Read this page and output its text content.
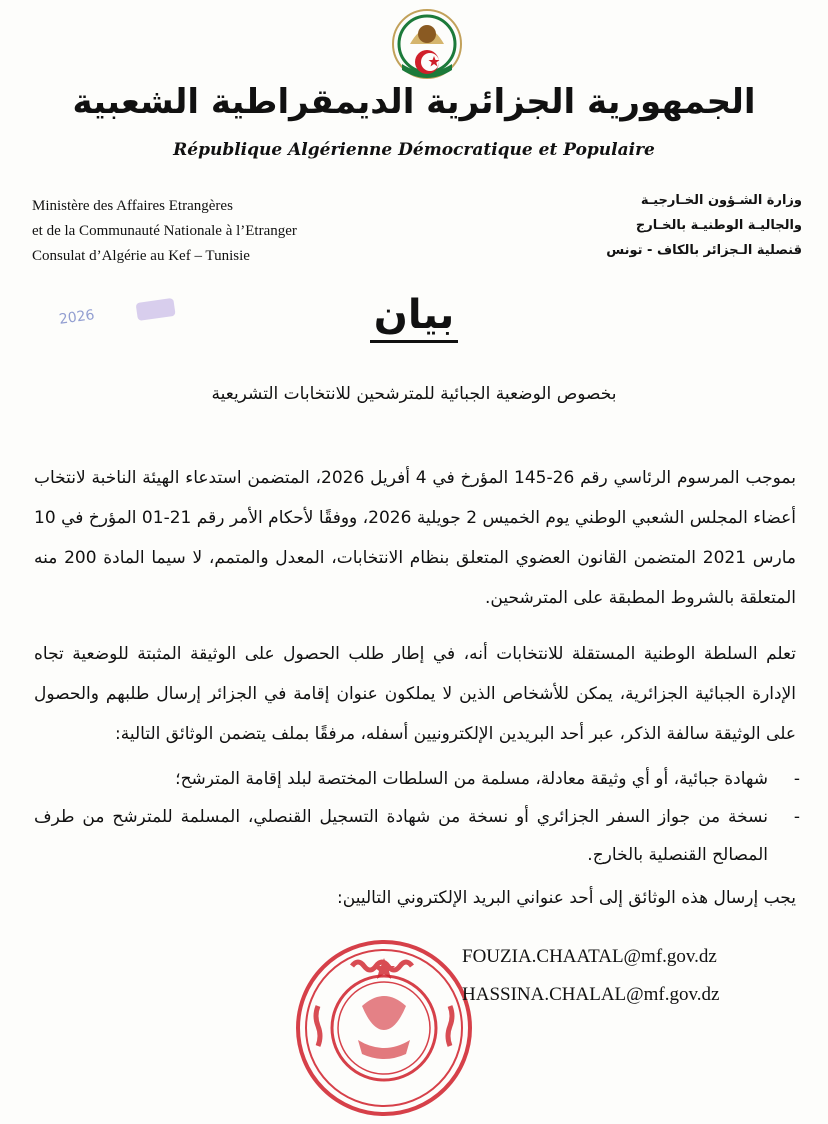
الجمهورية الجزائرية الديمقراطية الشعبية
République Algérienne Démocratique et Populaire
Ministère des Affaires Etrangères
et de la Communauté Nationale à l’Etranger
Consulat d’Algérie au Kef – Tunisie
وزارة الشـؤون الخـارجيـة
والجاليـة الوطنيـة بالخـارج
قنصلية الـجزائر بالكاف - تونس
2026	بيان
بخصوص الوضعية الجبائية للمترشحين للانتخابات التشريعية
بموجب المرسوم الرئاسي رقم 26-145 المؤرخ في 4 أفريل 2026، المتضمن استدعاء الهيئة الناخبة لانتخاب أعضاء المجلس الشعبي الوطني يوم الخميس 2 جويلية 2026، ووفقًا لأحكام الأمر رقم 21-01 المؤرخ في 10 مارس 2021 المتضمن القانون العضوي المتعلق بنظام الانتخابات، المعدل والمتمم، لا سيما المادة 200 منه المتعلقة بالشروط المطبقة على المترشحين.
تعلم السلطة الوطنية المستقلة للانتخابات أنه، في إطار طلب الحصول على الوثيقة المثبتة للوضعية تجاه الإدارة الجبائية الجزائرية، يمكن للأشخاص الذين لا يملكون عنوان إقامة في الجزائر إرسال طلبهم والحصول على الوثيقة سالفة الذكر، عبر أحد البريدين الإلكترونيين أسفله، مرفقًا بملف يتضمن الوثائق التالية:
-
شهادة جبائية، أو أي وثيقة معادلة، مسلمة من السلطات المختصة لبلد إقامة المترشح؛
-
نسخة من جواز السفر الجزائري أو نسخة من شهادة التسجيل القنصلي، المسلمة للمترشح من طرف المصالح القنصلية بالخارج.
يجب إرسال هذه الوثائق إلى أحد عنواني البريد الإلكتروني التاليين:
FOUZIA.CHAATAL@mf.gov.dz
HASSINA.CHALAL@mf.gov.dz
